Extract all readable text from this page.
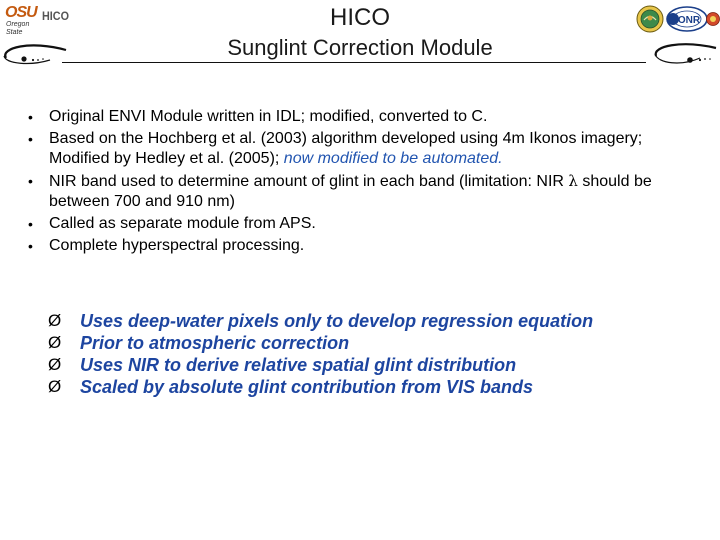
OSU
Oregon State
HICO	HICO
Sunglint Correction Module
ONR
• Original ENVI Module written in IDL; modified, converted to C.
• Based on the Hochberg et al. (2003) algorithm developed using 4m Ikonos imagery; Modified by Hedley et al. (2005); now modified to be automated.
• NIR band used to determine amount of glint in each band (limitation: NIR λ should be between 700 and 910 nm)
• Called as separate module from APS.
• Complete hyperspectral processing.
Ø Uses deep-water pixels only to develop regression equation
Ø Prior to atmospheric correction
Ø Uses NIR to derive relative spatial glint distribution
Ø Scaled by absolute glint contribution from VIS bands
